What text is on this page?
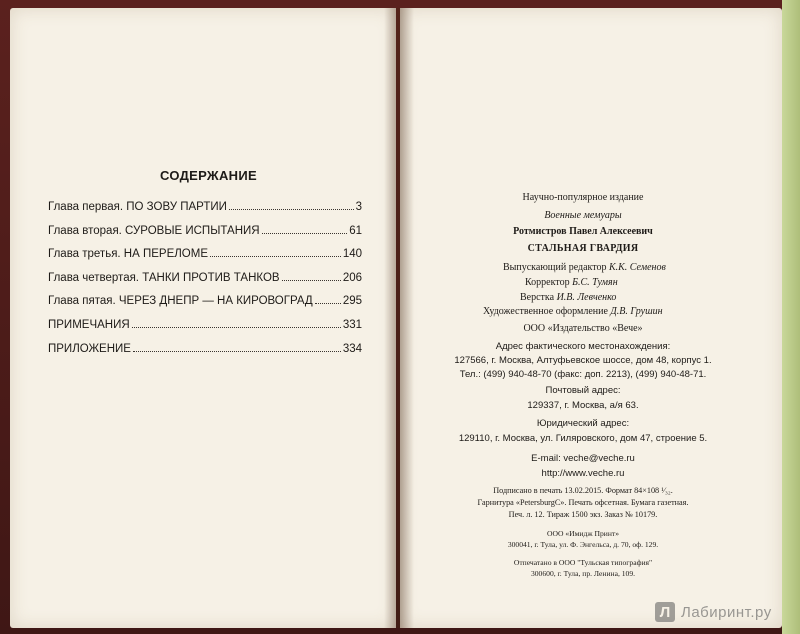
СОДЕРЖАНИЕ
Глава первая. ПО ЗОВУ ПАРТИИ	3
Глава вторая. СУРОВЫЕ ИСПЫТАНИЯ	61
Глава третья. НА ПЕРЕЛОМЕ	140
Глава четвертая. ТАНКИ ПРОТИВ ТАНКОВ	206
Глава пятая. ЧЕРЕЗ ДНЕПР — НА КИРОВОГРАД	295
ПРИМЕЧАНИЯ	331
ПРИЛОЖЕНИЕ	334
Научно-популярное издание
Военные мемуары
Ротмистров Павел Алексеевич
СТАЛЬНАЯ ГВАРДИЯ
Выпускающий редактор К.К. Семенов
Корректор Б.С. Тумян
Верстка И.В. Левченко
Художественное оформление Д.В. Грушин
ООО «Издательство «Вече»
Адрес фактического местонахождения:
127566, г. Москва, Алтуфьевское шоссе, дом 48, корпус 1.
Тел.: (499) 940-48-70 (факс: доп. 2213), (499) 940-48-71.
Почтовый адрес:
129337, г. Москва, а/я 63.
Юридический адрес:
129110, г. Москва, ул. Гиляровского, дом 47, строение 5.
E-mail: veche@veche.ru
http://www.veche.ru
Подписано в печать 13.02.2015. Формат 84×108 ¹⁄₃₂.
Гарнитура «PetersburgC». Печать офсетная. Бумага газетная.
Печ. л. 12. Тираж 1500 экз. Заказ № 10179.
ООО «Имидж Принт»
300041, г. Тула, ул. Ф. Энгельса, д. 70, оф. 129.
Отпечатано в ООО "Тульская типография"
300600, г. Тула, пр. Ленина, 109.
Л Лабиринт.ру
